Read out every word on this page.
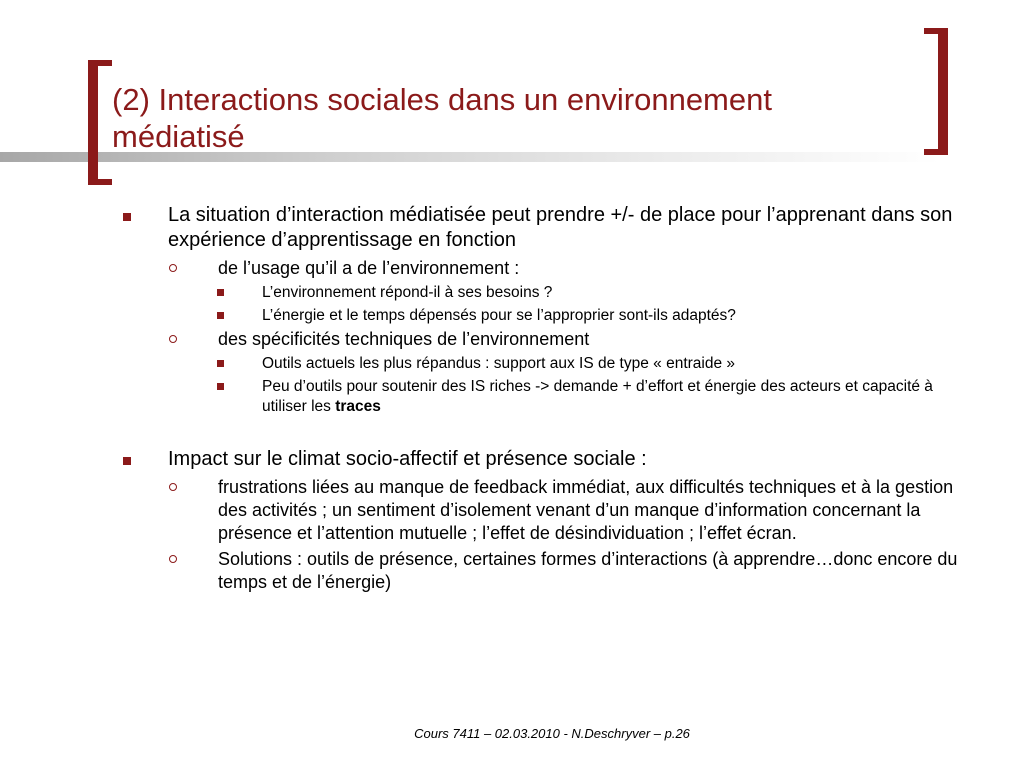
(2) Interactions sociales dans un environnement
médiatisé
La situation d’interaction médiatisée peut prendre +/- de place pour l’apprenant dans son expérience d’apprentissage en fonction
de l’usage qu’il a de l’environnement :
L’environnement répond-il à ses besoins ?
L’énergie et le temps dépensés pour se l’approprier sont-ils adaptés?
des spécificités techniques de l’environnement
Outils actuels les plus répandus : support aux IS de type « entraide »
Peu d’outils pour soutenir des IS riches -> demande + d’effort et énergie des acteurs et capacité à utiliser les traces
Impact sur le climat socio-affectif et présence sociale :
frustrations liées au manque de feedback immédiat, aux difficultés techniques et à la gestion des activités ; un sentiment d’isolement venant d’un manque d’information concernant la présence et l’attention mutuelle ; l’effet de désindividuation ; l’effet écran.
Solutions : outils de présence, certaines formes d’interactions (à apprendre…donc encore du temps et de l’énergie)
Cours 7411 – 02.03.2010 - N.Deschryver – p.26
